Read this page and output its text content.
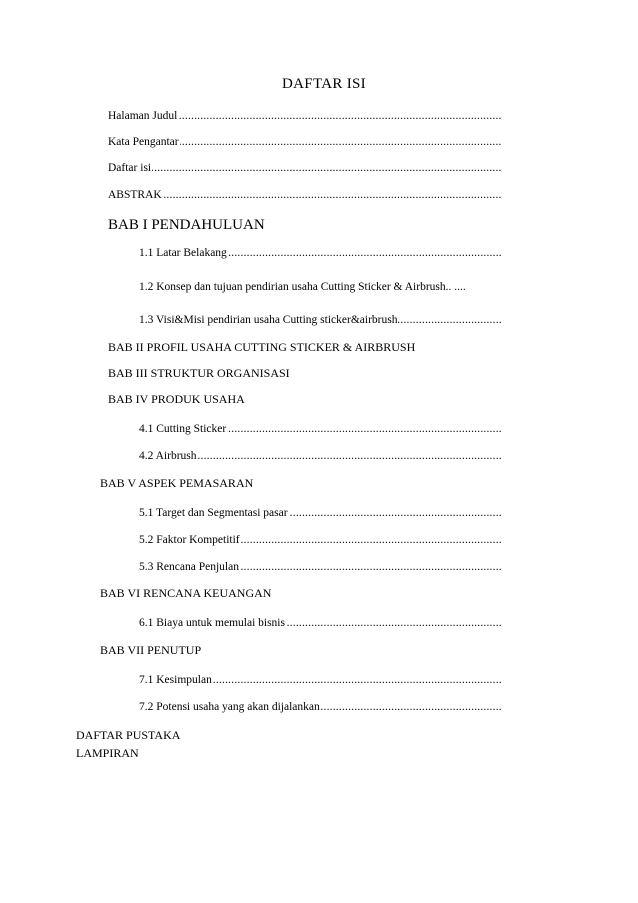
DAFTAR ISI
Halaman Judul .....
Kata Pengantar .....
Daftar isi .....
ABSTRAK .....
BAB I PENDAHULUAN
1.1 Latar Belakang .....
1.2 Konsep dan tujuan pendirian usaha Cutting Sticker & Airbrush.. ....
1.3 Visi&Misi pendirian usaha Cutting sticker&airbrush .....
BAB II PROFIL USAHA CUTTING STICKER & AIRBRUSH
BAB III STRUKTUR ORGANISASI
BAB IV PRODUK USAHA
4.1 Cutting Sticker .....
4.2 Airbrush .....
BAB V ASPEK PEMASARAN
5.1 Target dan Segmentasi pasar .....
5.2 Faktor Kompetitif .....
5.3 Rencana Penjulan .....
BAB VI RENCANA KEUANGAN
6.1 Biaya untuk memulai bisnis .....
BAB VII PENUTUP
7.1 Kesimpulan .....
7.2 Potensi usaha yang akan dijalankan .....
DAFTAR PUSTAKA
LAMPIRAN
